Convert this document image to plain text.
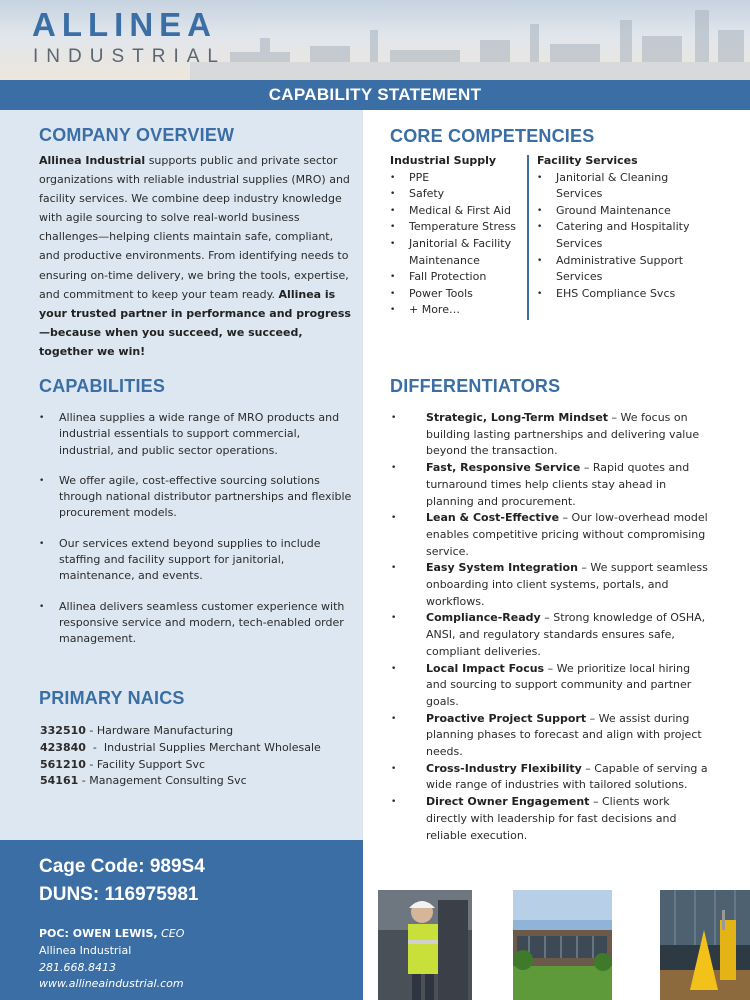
ALLINEA
INDUSTRIAL
CAPABILITY STATEMENT
COMPANY OVERVIEW

Allinea Industrial supports public and private sector organizations with reliable industrial supplies (MRO) and facility services. We combine deep industry knowledge with agile sourcing to solve real-world business challenges—helping clients maintain safe, compliant, and productive environments. From identifying needs to ensuring on-time delivery, we bring the tools, expertise, and commitment to keep your team ready. Allinea is your trusted partner in performance and progress—because when you succeed, we succeed, together we win!

CAPABILITIES
• Allinea supplies a wide range of MRO products and industrial essentials to support commercial, industrial, and public sector operations.
• We offer agile, cost-effective sourcing solutions through national distributor partnerships and flexible procurement models.
• Our services extend beyond supplies to include staffing and facility support for janitorial, maintenance, and events.
• Allinea delivers seamless customer experience with responsive service and modern, tech-enabled order management.
PRIMARY NAICS
332510 - Hardware Manufacturing
423840  -  Industrial Supplies Merchant Wholesale
561210 - Facility Support Svc
54161 - Management Consulting Svc
Cage Code: 989S4
DUNS: 116975981
POC: OWEN LEWIS, CEO
Allinea Industrial
281.668.8413
www.allineaindustrial.com
CORE COMPETENCIES
Industrial Supply
• PPE
• Safety
• Medical & First Aid
• Temperature Stress
• Janitorial & Facility Maintenance
• Fall Protection
• Power Tools
• + More…
Facility Services
• Janitorial & Cleaning Services
• Ground Maintenance
• Catering and Hospitality Services
• Administrative Support Services
• EHS Compliance Svcs
DIFFERENTIATORS
•	Strategic, Long-Term Mindset – We focus on building lasting partnerships and delivering value beyond the transaction.
•	Fast, Responsive Service – Rapid quotes and turnaround times help clients stay ahead in planning and procurement.
•	Lean & Cost-Effective – Our low-overhead model enables competitive pricing without compromising service.
•	Easy System Integration – We support seamless onboarding into client systems, portals, and workflows.
•	Compliance-Ready – Strong knowledge of OSHA, ANSI, and regulatory standards ensures safe, compliant deliveries.
•	Local Impact Focus – We prioritize local hiring and sourcing to support community and partner goals.
•	Proactive Project Support – We assist during planning phases to forecast and align with project needs.
•	Cross-Industry Flexibility – Capable of serving a wide range of industries with tailored solutions.
•	Direct Owner Engagement – Clients work directly with leadership for fast decisions and reliable execution.
